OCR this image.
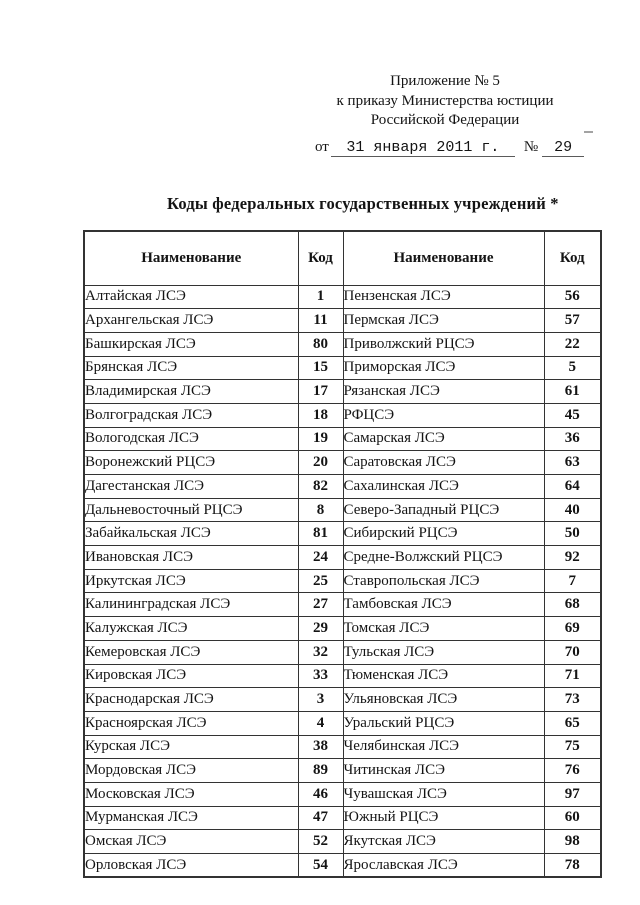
Приложение № 5
к приказу Министерства юстиции
Российской Федерации
от 31 января 2011 г. № 29
Коды федеральных государственных учреждений *
Наименование	Код	Наименование	Код
Алтайская ЛСЭ	1	Пензенская ЛСЭ	56
Архангельская ЛСЭ	11	Пермская ЛСЭ	57
Башкирская ЛСЭ	80	Приволжский РЦСЭ	22
Брянская ЛСЭ	15	Приморская ЛСЭ	5
Владимирская ЛСЭ	17	Рязанская ЛСЭ	61
Волгоградская ЛСЭ	18	РФЦСЭ	45
Вологодская ЛСЭ	19	Самарская ЛСЭ	36
Воронежский РЦСЭ	20	Саратовская ЛСЭ	63
Дагестанская ЛСЭ	82	Сахалинская ЛСЭ	64
Дальневосточный РЦСЭ	8	Северо-Западный РЦСЭ	40
Забайкальская ЛСЭ	81	Сибирский РЦСЭ	50
Ивановская ЛСЭ	24	Средне-Волжский РЦСЭ	92
Иркутская ЛСЭ	25	Ставропольская ЛСЭ	7
Калининградская ЛСЭ	27	Тамбовская ЛСЭ	68
Калужская ЛСЭ	29	Томская ЛСЭ	69
Кемеровская ЛСЭ	32	Тульская ЛСЭ	70
Кировская ЛСЭ	33	Тюменская ЛСЭ	71
Краснодарская ЛСЭ	3	Ульяновская ЛСЭ	73
Красноярская ЛСЭ	4	Уральский РЦСЭ	65
Курская ЛСЭ	38	Челябинская ЛСЭ	75
Мордовская ЛСЭ	89	Читинская ЛСЭ	76
Московская ЛСЭ	46	Чувашская ЛСЭ	97
Мурманская ЛСЭ	47	Южный РЦСЭ	60
Омская ЛСЭ	52	Якутская ЛСЭ	98
Орловская ЛСЭ	54	Ярославская ЛСЭ	78
